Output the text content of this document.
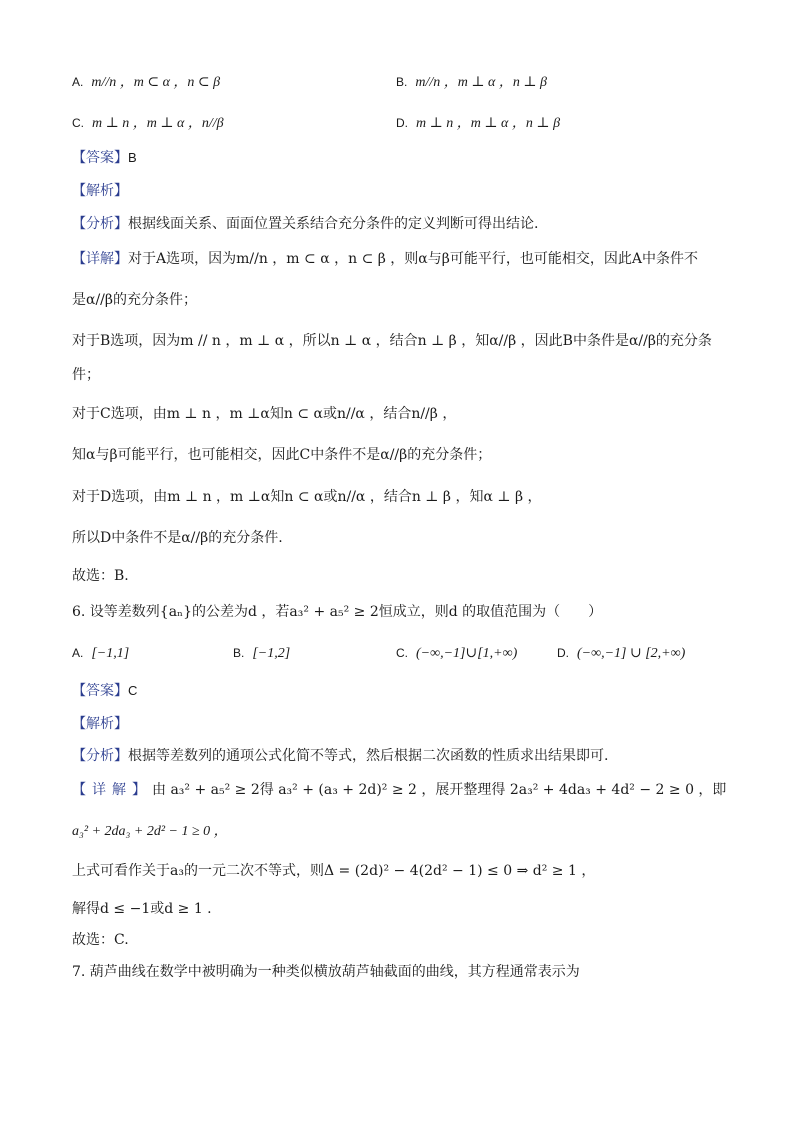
A. m//n ，m ⊂ α ，n ⊂ β	B. m//n ，m ⊥ α ，n ⊥ β
C. m ⊥ n ，m ⊥ α ，n//β	D. m ⊥ n ，m ⊥ α ，n ⊥ β
【答案】B
【解析】
【分析】根据线面关系、面面位置关系结合充分条件的定义判断可得出结论.
【详解】对于A选项，因为m//n ，m ⊂ α ，n ⊂ β ，则α与β可能平行，也可能相交，因此A中条件不
是α//β的充分条件；
对于B选项，因为m // n ，m ⊥ α ，所以n ⊥ α ，结合n ⊥ β ，知α//β ，因此B中条件是α//β的充分条
件；
对于C选项，由m ⊥ n ，m ⊥α知n ⊂ α或n//α ，结合n//β ，
知α与β可能平行，也可能相交，因此C中条件不是α//β的充分条件；
对于D选项，由m ⊥ n ，m ⊥α知n ⊂ α或n//α ，结合n ⊥ β ，知α ⊥ β ，
所以D中条件不是α//β的充分条件.
故选：B.
6. 设等差数列{aₙ}的公差为d ，若a₃² + a₅² ≥ 2恒成立，则d 的取值范围为（　　）
A. [−1,1]	B. [−1,2]	C. (−∞,−1]∪[1,+∞)	D. (−∞,−1] ∪ [2,+∞)
【答案】C
【解析】
【分析】根据等差数列的通项公式化简不等式，然后根据二次函数的性质求出结果即可.
【详解】由 a₃² + a₅² ≥ 2得 a₃² + (a₃ + 2d)² ≥ 2 ，展开整理得 2a₃² + 4da₃ + 4d² − 2 ≥ 0 ，即
a₃² + 2da₃ + 2d² − 1 ≥ 0 ，
上式可看作关于a₃的一元二次不等式，则Δ = (2d)² − 4(2d² − 1) ≤ 0 ⇒ d² ≥ 1 ，
解得d ≤ −1或d ≥ 1 .
故选：C.
7. 葫芦曲线在数学中被明确为一种类似横放葫芦轴截面的曲线，其方程通常表示为
